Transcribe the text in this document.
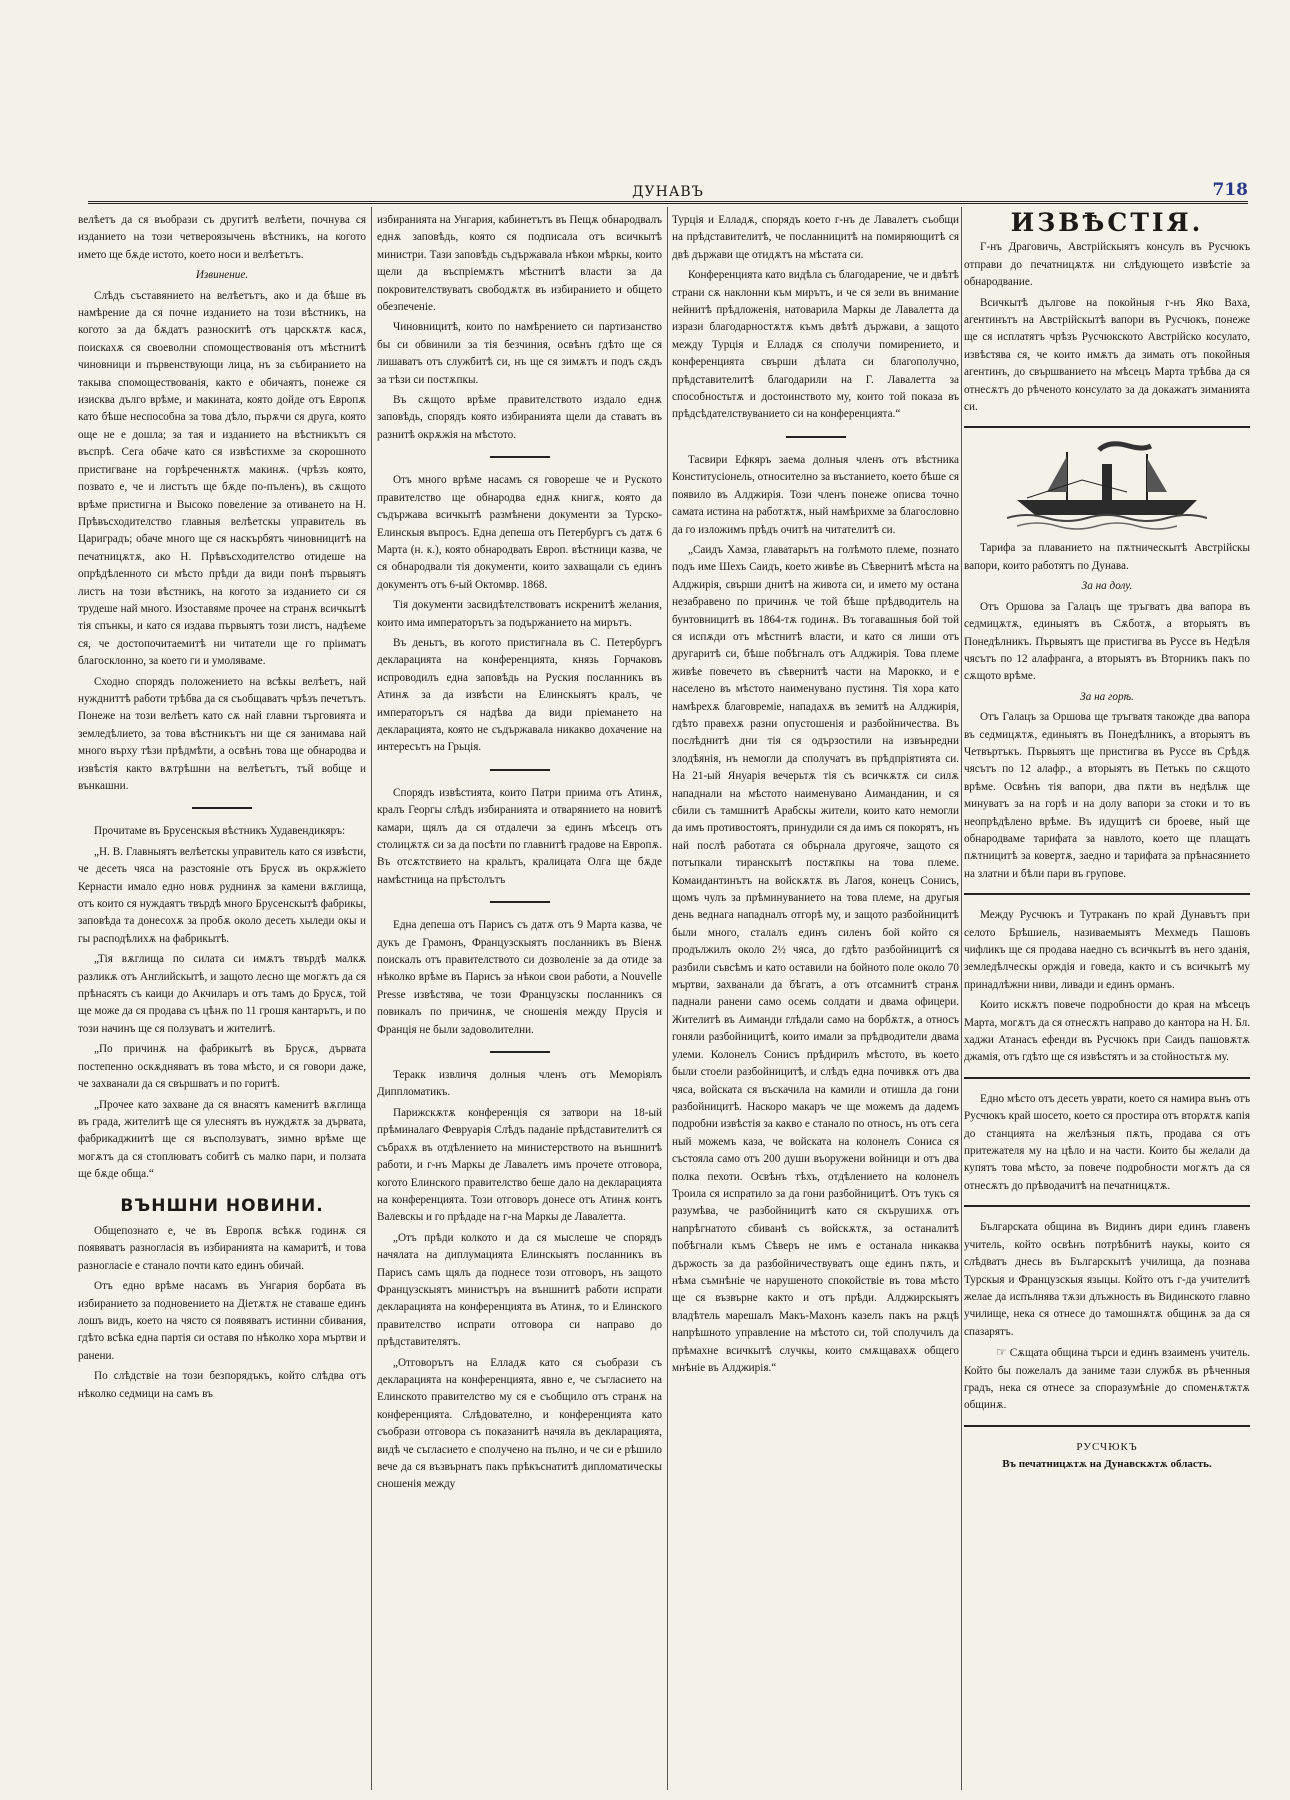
ДУНАВЪ	718

велѣетъ да ся въобрази съ другитѣ велѣети, почнува ся изданието на този четвероязычень вѣстникъ, на когото името ще бѫде истото, което носи и велѣетътъ.

Извинение.

Слѣдъ съставянието на велѣетътъ, ако и да бѣше въ намѣрение да ся почне изданието на този вѣстникъ, на когото за да бѫдатъ разноскитѣ отъ царскѫтѫ касѫ, поискахѫ ся своеволни спомоществованія отъ мѣстнитѣ чиновници и първенствующи лица, нъ за събиранието на такыва спомоществованія, както е обичаятъ, понеже ся изисква дълго врѣме, и макината, която дойде отъ Европѫ като бѣше неспособна за това дѣло, пърѫчи ся друга, която още не е дошла; за тая и изданието на вѣстникътъ ся въспрѣ. Сега обаче като ся извѣстихме за скорошното пристигване на горѣреченнѫтѫ макинѫ. (чрѣзъ която, позвато е, че и листътъ ще бѫде по-пъленъ), въ сѫщото врѣме пристигна и Высоко повеление за отиването на Н. Прѣвъсходителство главныя велѣетскы управитель въ Цариградъ; обаче много ще ся наскърбятъ чиновницитѣ на печатницѫтѫ, ако Н. Прѣвъсходителство отидеше на опрѣдѣленното си мѣсто прѣди да види понѣ първыятъ листъ на този вѣстникъ, на когото за изданието си ся трудеше най много. Изоставяме прочее на странѫ всичкытѣ тія спънкы, и като ся издава първыятъ този листъ, надѣеме ся, че достопочитаемитѣ ни читатели ще го пріиматъ благосклонно, за което ги и умоляваме.

Сходно спорядъ положението на всѣкы велѣетъ, най нуждниттѣ работи трѣбва да ся съобщаватъ чрѣзъ печетътъ. Понеже на този велѣетъ като сѫ най главни търговията и земледѣлието, за това вѣстникътъ ни ще ся занимава най много върху тѣзи прѣдмѣти, а освѣнъ това ще обнародва и извѣстія както вѫтрѣшни на велѣетътъ, тъй вобще и вънкашни.

Прочитаме въ Брусенскыя вѣстникъ Худавендикяръ:

„Н. В. Главныятъ велѣетскы управитель като ся извѣсти, че десеть чяса на разстояніе отъ Брусѫ въ окрѫжіето Кернасти имало едно новѫ руднинѫ за камени вѫглища, отъ които ся нуждаятъ твърдѣ много Брусенскытѣ фабрикы, заповѣда та донесохѫ за пробѫ около десеть хыледи окы и гы расподѣлихѫ на фабрикытѣ.

„Тія вѫглища по силата си имѫтъ твърдѣ малкѫ разликѫ отъ Английскытѣ, и защото лесно ще могѫтъ да ся прѣнасятъ съ каици до Акчиларъ и отъ тамъ до Брусѫ, той ще може да ся продава съ цѣнѫ по 11 грошя кантарътъ, и по този начинъ ще ся ползуватъ и жителитѣ.

„По причинѫ на фабрикытѣ въ Брусѫ, дървата постепенно оскѫдняватъ въ това мѣсто, и ся говори даже, че захванали да ся свършватъ и по горитѣ.

„Прочее като захване да ся внасятъ каменитѣ вѫглища въ града, жителитѣ ще ся улеснятъ въ нуждѫтѫ за дървата, фабрикаджиитѣ ще ся въсползуватъ, зимно врѣме ще могѫтъ да ся стоплюватъ собитѣ съ малко пари, и ползата ще бѫде обща.“

ВЪНШНИ НОВИНИ.

Общепознато е, че въ Европѫ всѣкѫ годинѫ ся появяватъ разногласія въ избиранията на камаритѣ, и това разногласіе е станало почти като единъ обичай.

Отъ едно врѣме насамъ въ Унгария борбата въ избиранието за подновението на Діетѫтѫ не ставаше единъ лошъ видъ, което на чясто ся появяватъ истинни сбивания, гдѣто всѣка една партія си оставя по нѣколко хора мъртви и ранени.

По слѣдствіе на този безпорядъкъ, който слѣдва отъ нѣколко седмици на самъ въ

избиранията на Унгария, кабинетътъ въ Пещѫ обнародвалъ еднѫ заповѣдь, която ся подписала отъ всичкытѣ министри. Тази заповѣдь съдържавала нѣкои мѣркы, които щели да въспріемѫтъ мѣстнитѣ власти за да покровителствуватъ свободѫтѫ въ избиранието и общето обезпеченіе.

Чиновницитѣ, които по намѣрението си партизанство бы си обвинили за тія безчиния, освѣнъ гдѣто ще ся лишаватъ отъ службитѣ си, нъ ще ся зимѫтъ и подъ сѫдъ за тѣзи си постѫпкы.

Въ сѫщото врѣме правителството издало еднѫ заповѣдь, спорядъ която избиранията щели да ставатъ въ разнитѣ окрѫжія на мѣстото.

Отъ много врѣме насамъ ся говореше че и Руското правителство ще обнародва еднѫ книгѫ, която да съдържава всичкытѣ размѣнени документи за Турско-Елинскыя въпросъ. Една депеша отъ Петербургъ съ датѫ 6 Марта (н. к.), която обнародвать Европ. вѣстници казва, че ся обнародвали тія документи, които захващали съ единъ документъ отъ 6-ый Октомвр. 1868.

Тія документи засвидѣтелствоватъ искренитѣ желания, които има императорътъ за подържанието на мирътъ.

Въ деньтъ, въ когото пристигнала въ С. Петербургъ декларацията на конференцията, князь Горчаковъ испроводилъ една заповѣдь на Руския посланникъ въ Атинѫ за да извѣсти на Елинскыятъ кралъ, че императорътъ ся надѣва да види пріемането на декларацията, която не съдържавала никакво дохачение на интересътъ на Грьція.

Спорядъ извѣстията, които Патри приима отъ Атинѫ, кралъ Георгы слѣдъ избиранията и отварянието на новитѣ камари, щялъ да ся отдалечи за единъ мѣсецъ отъ столицѫтѫ си за да посѣти по главнитѣ градове на Европѫ. Въ отсѫтствието на кральтъ, кралицата Олга ще бѫде намѣстница на прѣстолътъ

Една депеша отъ Парисъ съ датѫ отъ 9 Марта казва, че дукъ де Грамонъ, Французскыятъ посланникъ въ Віенѫ поискалъ отъ правителството си дозволеніе за да отиде за нѣколко врѣме въ Парисъ за нѣкои свои работи, а Nouvelle Presse извѣстява, че този Французскы посланникъ ся повикалъ по причинѫ, че сношенія между Прусія и Франція не были задоволителни.

Теракк извличя долныя членъ отъ Меморіялъ Диппломатикъ.

Парижскѫтѫ конференція ся затвори на 18-ый прѣминалаго Февруарія Слѣдъ паданіе прѣдставителитѣ ся събрахѫ въ отдѣлението на министерството на външнитѣ работи, и г-нъ Маркы де Лавалетъ имъ прочете отговора, когото Елинского правителство беше дало на декларацията на конференцията. Този отговоръ донесе отъ Атинѫ контъ Валевскы и го прѣдаде на г-на Маркы де Лавалетта.

„Отъ прѣди колкото и да ся мыслеше че спорядъ начялата на диплумацията Елинскыятъ посланникъ въ Парисъ самъ щялъ да поднесе този отговоръ, нъ защото Французскыятъ министъръ на външнитѣ работи испрати декларацията на конференцията въ Атинѫ, то и Елинского правителство испрати отговора си направо до прѣдставителятъ.

„Отговорътъ на Елладѫ като ся съобрази съ декларацията на конференцията, явно е, че съгласието на Елинското правителство му ся е съобщило отъ странѫ на конференцията. Слѣдователно, и конференцията като съобрази отговора съ показанитѣ начяла въ декларацията, видѣ че съгласието е сполучено на пълно, и че си е рѣшило вече да ся възвърнатъ пакъ прѣкъснатитѣ диплoматическы сношенія между

Турція и Елладѫ, спорядъ което г-нъ де Лавалетъ съобщи на прѣдставителитѣ, че посланницитѣ на помиряющитѣ ся двѣ държави ще отидѫтъ на мѣстата си.

Конференцията като видѣла съ благодарение, че и двѣтѣ страни сѫ наклонни към мирътъ, и че ся зели въ внимание нейнитѣ прѣдложенія, натоварила Маркы де Лавалетта да изрази благодарностѫтѫ къмъ двѣтѣ държави, а защото между Турція и Елладѫ ся сполучи помирението, и конференцията свърши дѣлата си благополучно, прѣдставителитѣ благодарили на Г. Лавалетта за способностьтѫ и достоинството му, които той показа въ прѣдсѣдателствуванието си на конференцията.“

Тасвири Ефкяръ заема долныя членъ отъ вѣстника Конститусіонель, относително за въстанието, което бѣше ся появило въ Алджирія. Този членъ понеже описва точно самата истина на работѫтѫ, ный намѣрихме за благословно да го изложимъ прѣдъ очитѣ на читателитѣ си.

„Саидъ Хамза, главатарьтъ на голѣмото племе, познато подъ име Шехъ Саидъ, което живѣе въ Сѣвернитѣ мѣста на Алджирія, свърши днитѣ на живота си, и името му остана незабравено по причинѫ че той бѣше прѣдводитель на бунтовницитѣ въ 1864-тѫ годинѫ. Въ тогавашныя бой той ся испѫди отъ мѣстнитѣ власти, и като ся лиши отъ другаритѣ си, бѣше побѣгналъ отъ Алджирія. Това племе живѣе повечето въ сѣвернитѣ части на Марокко, и е населено въ мѣстото наименувано пустиня. Тія хора като намѣрехѫ благовреміе, нападахѫ въ земитѣ на Алджирія, гдѣто правехѫ разни опустошенія и разбойничества. Въ послѣднитѣ дни тія ся одързостили на извънредни злодѣянія, нъ немогли да сполучатъ въ прѣдпріятията си. На 21-ый Януарія вечерьтѫ тія съ всичкѫтѫ си силѫ нападнали на мѣстото наименувано Аиманданин, и ся сбили съ тамшнитѣ Арабскы жители, които като немогли да имъ противостоятъ, принудили ся да имъ ся покорятъ, нъ най послѣ работата ся обърнала другояче, защото ся потъпкали тиранскытѣ постѫпкы на това племе. Комаидантинътъ на войскѫтѫ въ Лагоя, конецъ Сонисъ, щомъ чулъ за прѣминуванието на това племе, на другыя день веднага нападналъ отгорѣ му, и защото разбойницитѣ были много, сталалъ единъ силенъ бой който ся продължилъ около 2½ чяса, до гдѣто разбойницитѣ ся разбили съвсѣмъ и като оставили на бойното поле около 70 мъртви, захванали да бѣгатъ, а отъ отсамнитѣ странѫ паднали ранени само осемь солдати и двама офицери. Жителитѣ въ Аиманди глѣдали само на борбѫтѫ, а относъ гоняли разбойницитѣ, които имали за прѣдводители двама улеми. Колонелъ Сонисъ прѣдирилъ мѣстото, въ което были стоели разбойницитѣ, и слѣдъ една почивкѫ отъ два чяса, войската ся въскачила на камили и отишла да гони разбойницитѣ. Наскоро макаръ че ще можемъ да дадемъ подробни извѣстія за какво е станало по относъ, нъ отъ сега ный можемъ каза, че войската на колонелъ Сониса ся състояла само отъ 200 души въоружени войници и отъ два полка пехоти. Освѣнъ тѣхъ, отдѣлението на колонелъ Троила ся испратило за да гони разбойницитѣ. Отъ тукъ ся разумѣва, че разбойницитѣ като ся скърушихѫ отъ напрѣгнатото сбиванѣ съ войскѫтѫ, за останалитѣ побѣгнали къмъ Сѣверъ не имъ е останала никаква държость за да разбойничествуватъ още единъ пѫть, и нѣма съмнѣніе че нарушеното спокойствіе въ това мѣсто ще ся възвърне както и отъ прѣди. Алджирскыятъ владѣтель марешалъ Макъ-Махонъ казелъ пакъ на рѫцѣ напрѣшното управление на мѣстото си, той сполучилъ да прѣмахне всичкытѣ случкы, които смѫщавахѫ общего мнѣніе въ Алджирія.“

ИЗВѢСТІЯ.

Г-нъ Драговичь, Австрійскыятъ консулъ въ Русчюкъ отправи до печатницѫтѫ ни слѣдующето извѣстіе за обнародвание.

Всичкытѣ дългове на покойныя г-нъ Яко Ваха, агентинътъ на Австрійскытѣ вапори въ Русчюкъ, понеже ще ся исплатятъ чрѣзъ Русчюкското Австрійско косулато, извѣстява ся, че които имѫтъ да зимать отъ покойныя агентинъ, до свършванието на мѣсецъ Марта трѣбва да ся отнесѫтъ до рѣченото консулато за да докажатъ зиманията си.

Тарифа за плаванието на пѫтническытѣ Австрійскы вапори, които работятъ по Дунава.

За на долу.

Отъ Оршова за Галацъ ще тръгватъ два вапора въ седмицѫтѫ, единыятъ въ Сѫботѫ, а вторыятъ въ Понедѣлникъ. Първыятъ ще пристигва въ Руссе въ Недѣля чясътъ по 12 алафранга, а вторыятъ въ Вторникъ пакъ по сѫщото врѣме.

За на горѣ.

Отъ Галацъ за Оршова ще тръгватя такожде два вапора въ седмицѫтѫ, единыятъ въ Понедѣлникъ, а вторыятъ въ Четвъртъкъ. Първыятъ ще пристигва въ Руссе въ Срѣдѫ чясътъ по 12 алафр., а вторыятъ въ Петькъ по сѫщото врѣме. Освѣнъ тія вапори, два пѫти въ недѣлѭ ще минуватъ за на горѣ и на долу вапори за стоки и то въ неопрѣдѣлено врѣме. Въ идущитѣ си броеве, ный ще обнародваме тарифата за навлото, което ще плащатъ пѫтницитѣ за ковертѫ, заедно и тарифата за прѣнасянието на златни и бѣли пари въ групове.

Между Русчюкъ и Тутраканъ по край Дунавътъ при селото Брѣшиель, називаемыятъ Мехмедъ Пашовъ чифликъ ще ся продава наедно съ всичкытѣ въ него зданія, земледѣлческы орждія и говеда, както и съ всичкытѣ му принадлѣжни ниви, ливади и единъ орманъ.

Които искѫтъ повече подробности до края на мѣсецъ Марта, могѫтъ да ся отнесѫтъ направо до кантора на Н. Бл. хаджи Атанасъ ефенди въ Русчюкъ при Саидъ пашовѫтѫ джамія, отъ гдѣто ще ся извѣстятъ и за стойностьтѫ му.

Едно мѣсто отъ десеть уврати, което ся намира вънъ отъ Русчюкъ край шосето, което ся простира отъ вторѫтѫ капія до станцията на желѣзныя пѫть, продава ся отъ притежателя му на цѣло и на части. Които бы желали да купятъ това мѣсто, за повече подробности могѫтъ да ся отнесѫтъ до прѣводачитѣ на печатницѫтѫ.

Българската община въ Видинъ дири единъ главенъ учитель, който освѣнъ потрѣбнитѣ наукы, които ся слѣдватъ днесь въ Българскытѣ училища, да познава Турскыя и Французскыя языцы. Който отъ г-да учителитѣ желае да испълнява тѫзи длъжность въ Видинското главно училище, нека ся отнесе до тамошнѫтѫ общинѫ за да ся спазарятъ.

☞ Сѫщата община търси и единъ взаименъ учитель. Който бы пожелалъ да заниме тази службѫ въ рѣченныя градъ, нека ся отнесе за споразумѣніе до споменѫтѫтѫ общинѫ.

РУСЧЮКЪ
Въ печатницѫтѫ на Дунавскѫтѫ область.
